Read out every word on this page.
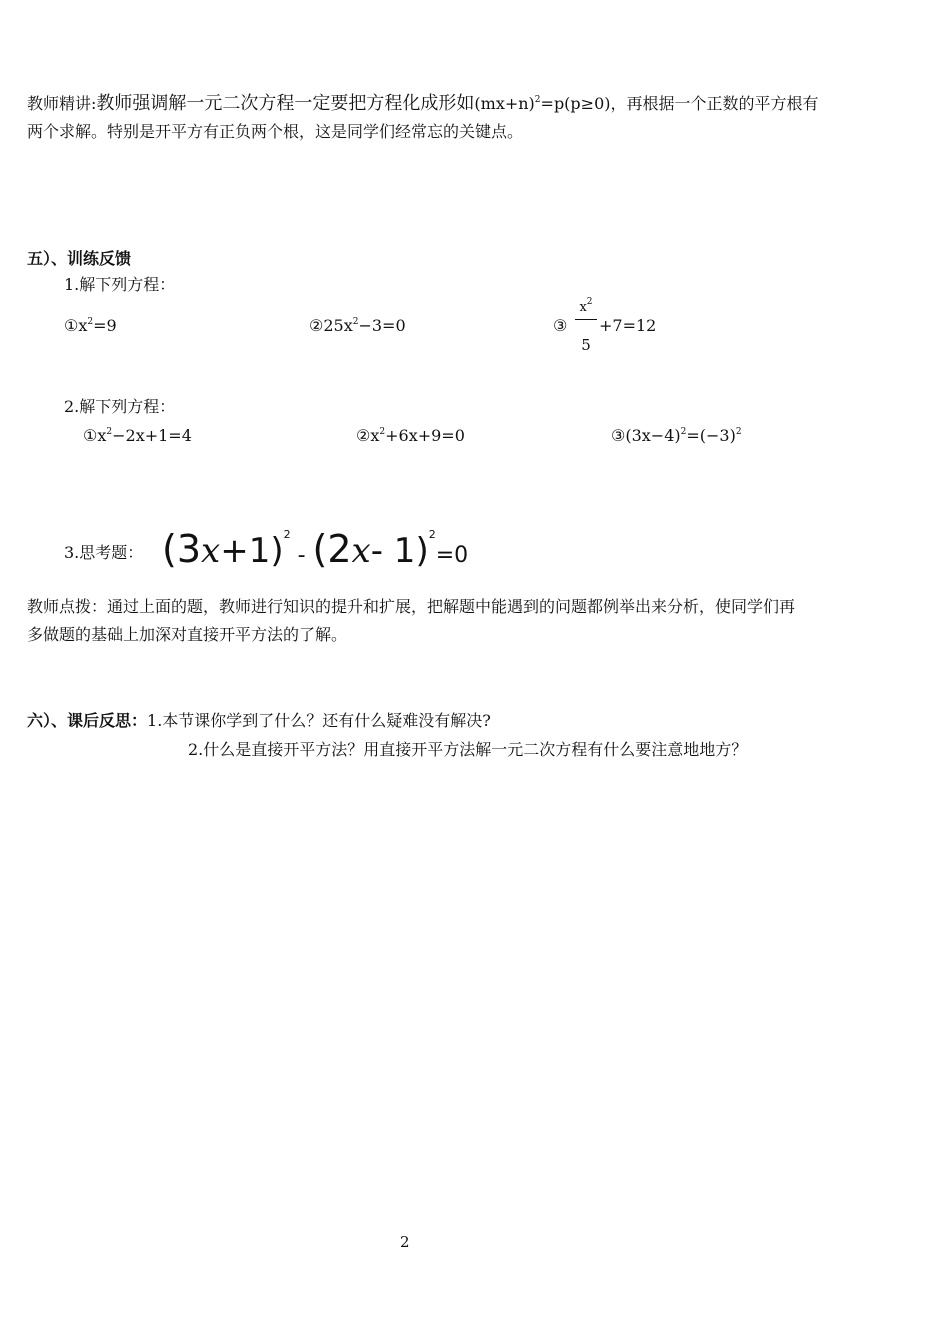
教师精讲:教师强调解一元二次方程一定要把方程化成形如$(mx+n)^2=p(p\ge 0)$，再根据一个正数的平方根有
两个求解。特别是开平方有正负两个根，这是同学们经常忘的关键点。
五）、训练反馈
1.解下列方程：
$①x^2=9$	$②25x^2-3=0$	③
$x^2$
5
+7=12
2.解下列方程：
$①x^2-2x+1=4$	$②x^2+6x+9=0$	$③(3x-4)^2=(-3)^2$
3.思考题： $(3x+1)^2 - (2x-$ 1)$^2$=0
教师点拨：通过上面的题，教师进行知识的提升和扩展，把解题中能遇到的问题都例举出来分析，使同学们再
多做题的基础上加深对直接开平方法的了解。
六）、课后反思：1.本节课你学到了什么？还有什么疑难没有解决?
2.什么是直接开平方法？用直接开平方法解一元二次方程有什么要注意地地方？
2
